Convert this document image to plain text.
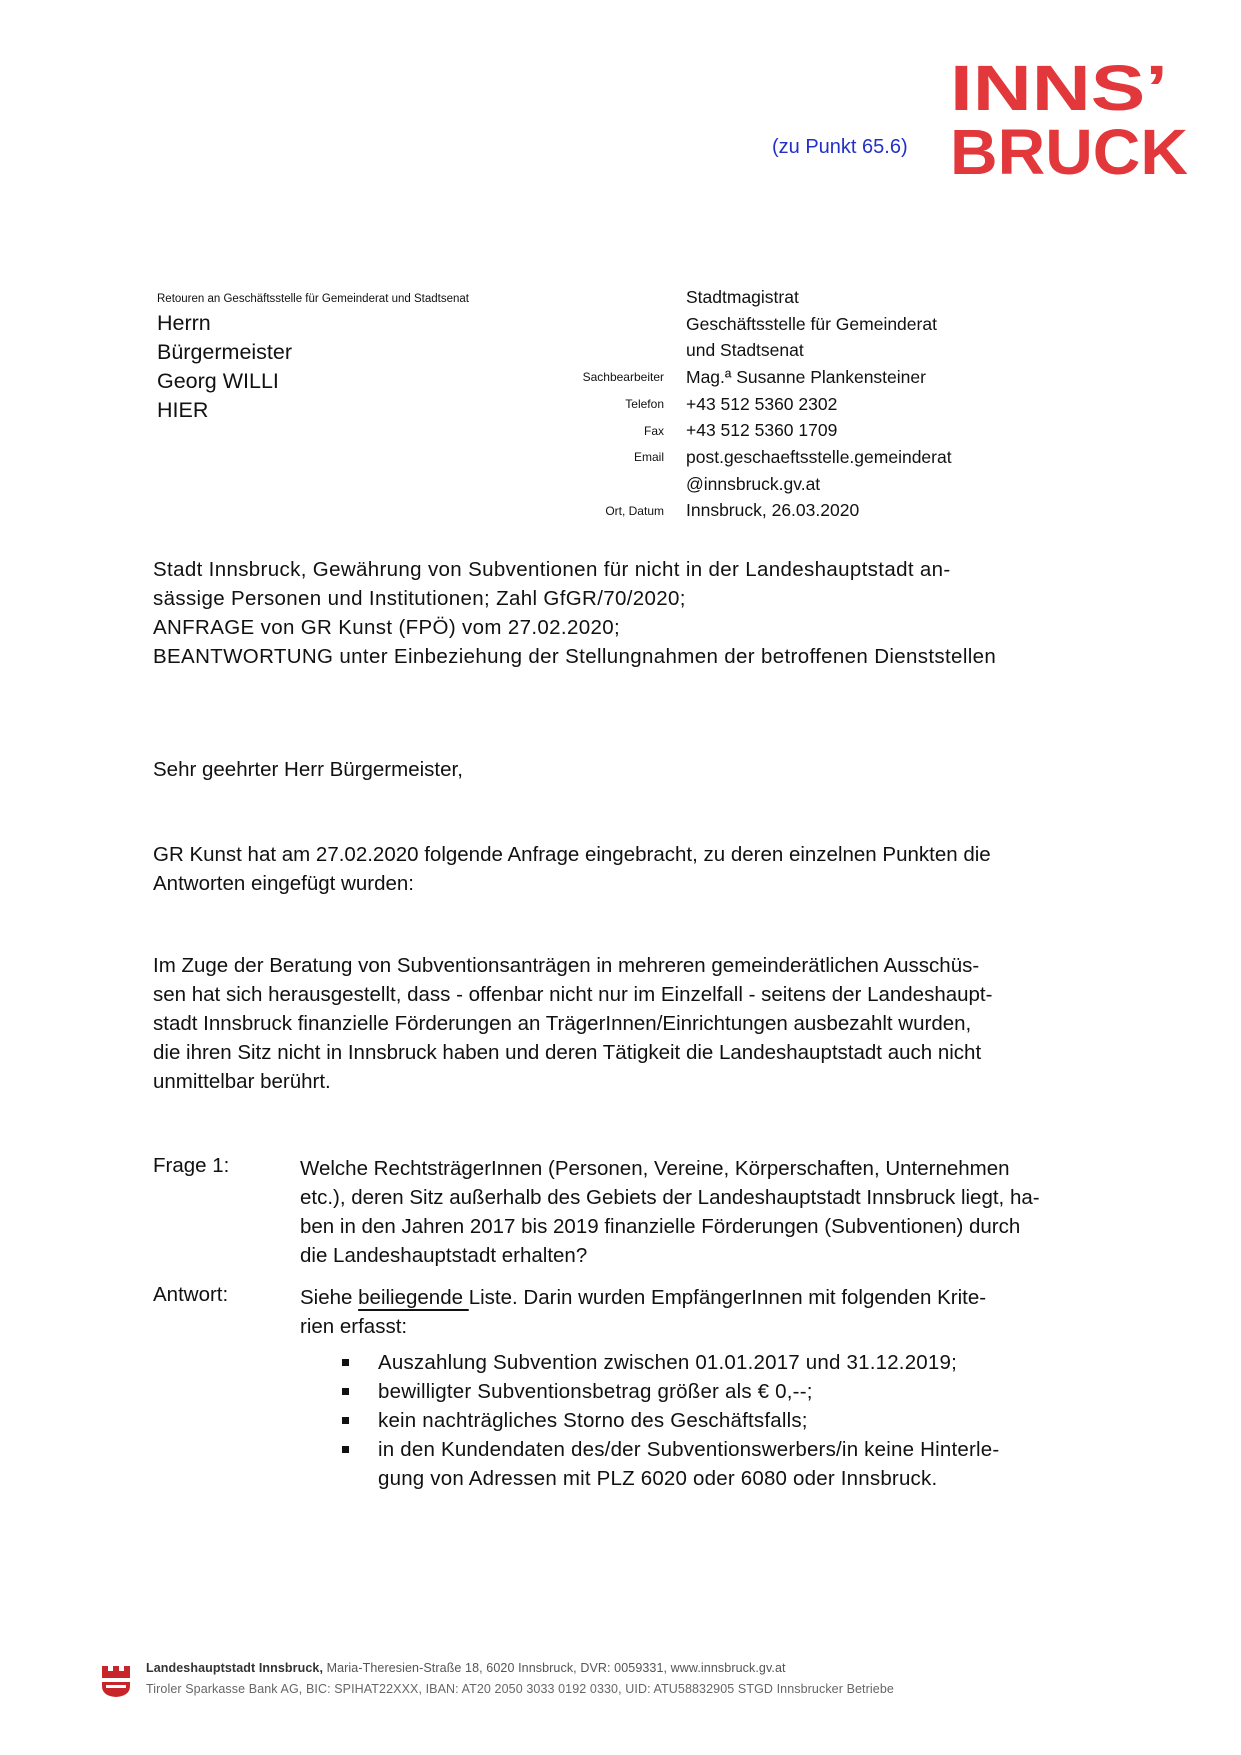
(zu Punkt 65.6)
INNS’
BRUCK
Retouren an Geschäftsstelle für Gemeinderat und Stadtsenat
Herrn
Bürgermeister
Georg WILLI
HIER
Stadtmagistrat
Geschäftsstelle für Gemeinderat
und Stadtsenat
Sachbearbeiter	Mag.ª Susanne Plankensteiner
Telefon	+43 512 5360 2302
Fax	+43 512 5360 1709
Email	post.geschaeftsstelle.gemeinderat
@innsbruck.gv.at
Ort, Datum	Innsbruck, 26.03.2020
Stadt Innsbruck, Gewährung von Subventionen für nicht in der Landeshauptstadt an-
sässige Personen und Institutionen; Zahl GfGR/70/2020;
ANFRAGE von GR Kunst (FPÖ) vom 27.02.2020;
BEANTWORTUNG unter Einbeziehung der Stellungnahmen der betroffenen Dienststellen
Sehr geehrter Herr Bürgermeister,
GR Kunst hat am 27.02.2020 folgende Anfrage eingebracht, zu deren einzelnen Punkten die
Antworten eingefügt wurden:
Im Zuge der Beratung von Subventionsanträgen in mehreren gemeinderätlichen Ausschüs-
sen hat sich herausgestellt, dass - offenbar nicht nur im Einzelfall - seitens der Landeshaupt-
stadt Innsbruck finanzielle Förderungen an TrägerInnen/Einrichtungen ausbezahlt wurden,
die ihren Sitz nicht in Innsbruck haben und deren Tätigkeit die Landeshauptstadt auch nicht
unmittelbar berührt.
Frage 1:	Welche RechtsträgerInnen (Personen, Vereine, Körperschaften, Unternehmen
etc.), deren Sitz außerhalb des Gebiets der Landeshauptstadt Innsbruck liegt, ha-
ben in den Jahren 2017 bis 2019 finanzielle Förderungen (Subventionen) durch
die Landeshauptstadt erhalten?
Antwort:	Siehe beiliegende Liste. Darin wurden EmpfängerInnen mit folgenden Krite-
rien erfasst:
Auszahlung Subvention zwischen 01.01.2017 und 31.12.2019;
bewilligter Subventionsbetrag größer als € 0,--;
kein nachträgliches Storno des Geschäftsfalls;
in den Kundendaten des/der Subventionswerbers/in keine Hinterle-
gung von Adressen mit PLZ 6020 oder 6080 oder Innsbruck.
Landeshauptstadt Innsbruck, Maria-Theresien-Straße 18, 6020 Innsbruck, DVR: 0059331, www.innsbruck.gv.at
Tiroler Sparkasse Bank AG, BIC: SPIHAT22XXX, IBAN: AT20 2050 3033 0192 0330, UID: ATU58832905 STGD Innsbrucker Betriebe
